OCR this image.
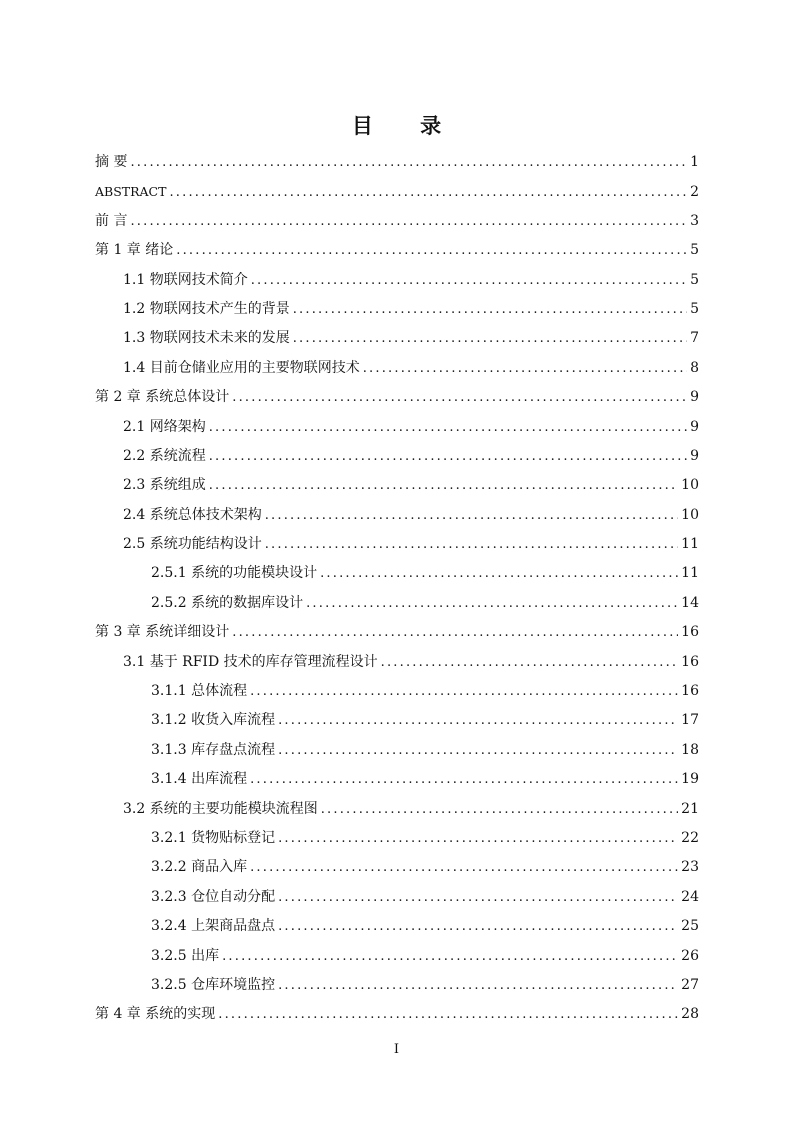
目 录
摘 要 .....	1
ABSTRACT .....	2
前 言 .....	3
第 1 章 绪论 .....	5
1.1 物联网技术简介 .....	5
1.2 物联网技术产生的背景 .....	5
1.3 物联网技术未来的发展 .....	7
1.4 目前仓储业应用的主要物联网技术 .....	8
第 2 章 系统总体设计 .....	9
2.1 网络架构 .....	9
2.2 系统流程 .....	9
2.3 系统组成 .....	10
2.4 系统总体技术架构 .....	10
2.5 系统功能结构设计 .....	11
2.5.1 系统的功能模块设计 .....	11
2.5.2 系统的数据库设计 .....	14
第 3 章 系统详细设计 .....	16
3.1 基于 RFID 技术的库存管理流程设计 .....	16
3.1.1 总体流程 .....	16
3.1.2 收货入库流程 .....	17
3.1.3 库存盘点流程 .....	18
3.1.4 出库流程 .....	19
3.2 系统的主要功能模块流程图 .....	21
3.2.1 货物贴标登记 .....	22
3.2.2 商品入库 .....	23
3.2.3 仓位自动分配 .....	24
3.2.4 上架商品盘点 .....	25
3.2.5 出库 .....	26
3.2.5 仓库环境监控 .....	27
第 4 章 系统的实现 .....	28
I
